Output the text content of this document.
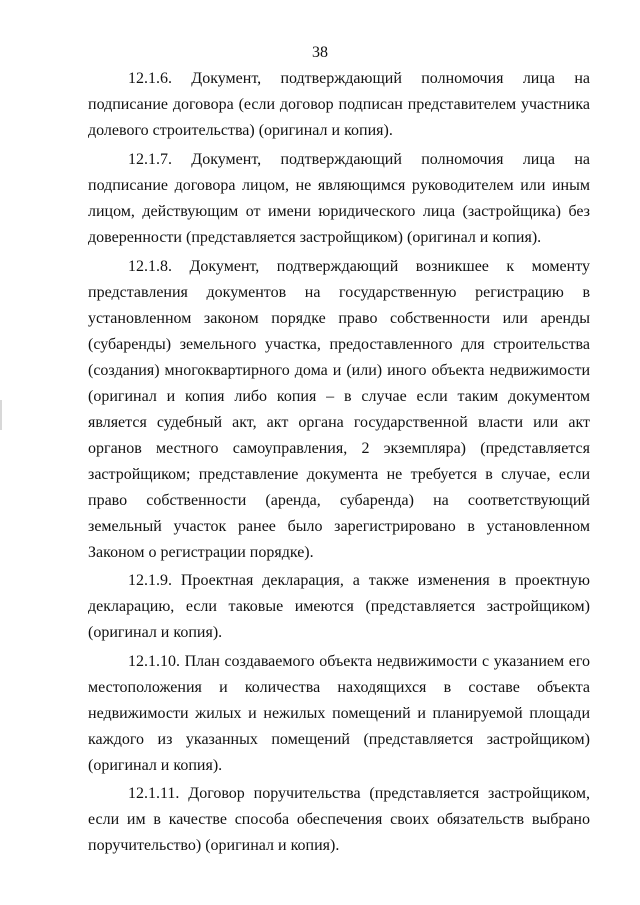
38

12.1.6. Документ, подтверждающий полномочия лица на подписание договора (если договор подписан представителем участника долевого строительства) (оригинал и копия).

12.1.7. Документ, подтверждающий полномочия лица на подписание договора лицом, не являющимся руководителем или иным лицом, действующим от имени юридического лица (застройщика) без доверенности (представляется застройщиком) (оригинал и копия).

12.1.8. Документ, подтверждающий возникшее к моменту представления документов на государственную регистрацию в установленном законом порядке право собственности или аренды (субаренды) земельного участка, предоставленного для строительства (создания) многоквартирного дома и (или) иного объекта недвижимости (оригинал и копия либо копия – в случае если таким документом является судебный акт, акт органа государственной власти или акт органов местного самоуправления, 2 экземпляра) (представляется застройщиком; представление документа не требуется в случае, если право собственности (аренда, субаренда) на соответствующий земельный участок ранее было зарегистрировано в установленном Законом о регистрации порядке).

12.1.9. Проектная декларация, а также изменения в проектную декларацию, если таковые имеются (представляется застройщиком) (оригинал и копия).

12.1.10. План создаваемого объекта недвижимости с указанием его местоположения и количества находящихся в составе объекта недвижимости жилых и нежилых помещений и планируемой площади каждого из указанных помещений (представляется застройщиком) (оригинал и копия).

12.1.11. Договор поручительства (представляется застройщиком, если им в качестве способа обеспечения своих обязательств выбрано поручительство) (оригинал и копия).
